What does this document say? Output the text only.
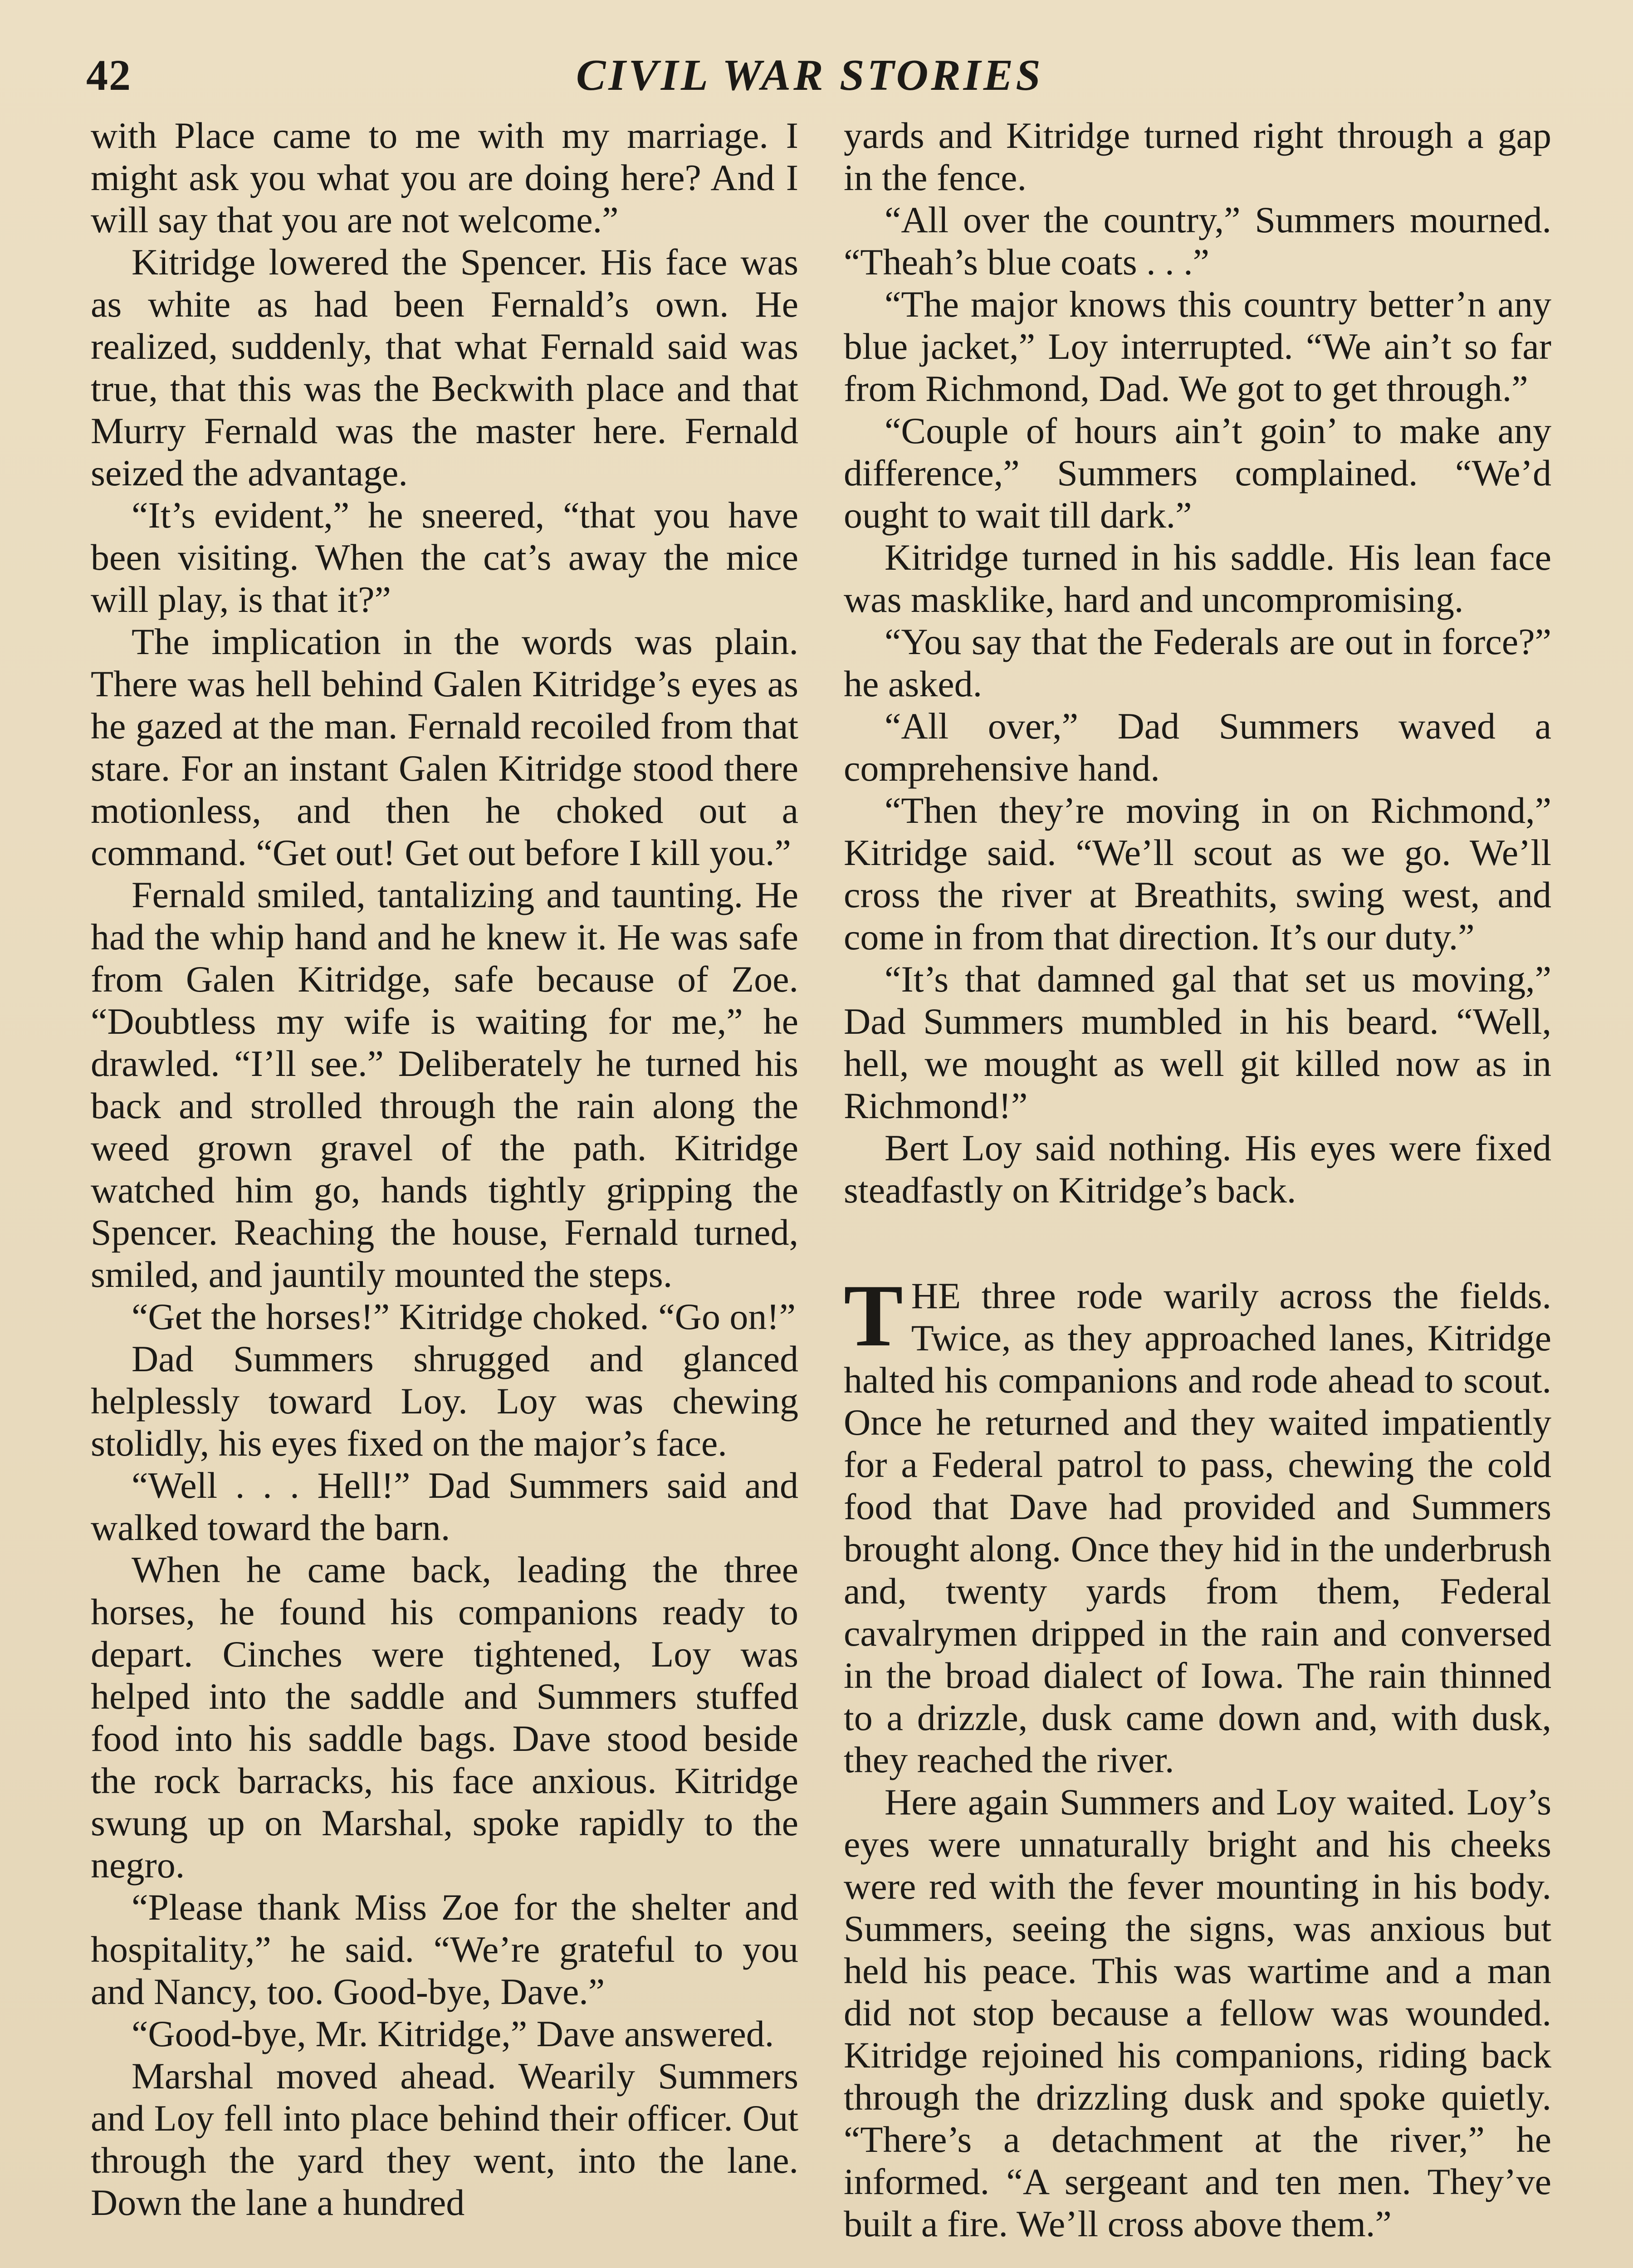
42	CIVIL WAR STORIES

with Place came to me with my marriage. I might ask you what you are doing here? And I will say that you are not welcome.”

Kitridge lowered the Spencer. His face was as white as had been Fernald’s own. He realized, suddenly, that what Fernald said was true, that this was the Beckwith place and that Murry Fernald was the master here. Fernald seized the advantage.

“It’s evident,” he sneered, “that you have been visiting. When the cat’s away the mice will play, is that it?”

The implication in the words was plain. There was hell behind Galen Kitridge’s eyes as he gazed at the man. Fernald recoiled from that stare. For an instant Galen Kitridge stood there motionless, and then he choked out a command. “Get out! Get out before I kill you.”

Fernald smiled, tantalizing and taunting. He had the whip hand and he knew it. He was safe from Galen Kitridge, safe because of Zoe. “Doubtless my wife is waiting for me,” he drawled. “I’ll see.” Deliberately he turned his back and strolled through the rain along the weed grown gravel of the path. Kitridge watched him go, hands tightly gripping the Spencer. Reaching the house, Fernald turned, smiled, and jauntily mounted the steps.

“Get the horses!” Kitridge choked. “Go on!”

Dad Summers shrugged and glanced helplessly toward Loy. Loy was chewing stolidly, his eyes fixed on the major’s face.

“Well . . . Hell!” Dad Summers said and walked toward the barn.

When he came back, leading the three horses, he found his companions ready to depart. Cinches were tightened, Loy was helped into the saddle and Summers stuffed food into his saddle bags. Dave stood beside the rock barracks, his face anxious. Kitridge swung up on Marshal, spoke rapidly to the negro.

“Please thank Miss Zoe for the shelter and hospitality,” he said. “We’re grateful to you and Nancy, too. Good-bye, Dave.”

“Good-bye, Mr. Kitridge,” Dave answered.

Marshal moved ahead. Wearily Summers and Loy fell into place behind their officer. Out through the yard they went, into the lane. Down the lane a hundred

yards and Kitridge turned right through a gap in the fence.

“All over the country,” Summers mourned. “Theah’s blue coats . . .”

“The major knows this country better’n any blue jacket,” Loy interrupted. “We ain’t so far from Richmond, Dad. We got to get through.”

“Couple of hours ain’t goin’ to make any difference,” Summers complained. “We’d ought to wait till dark.”

Kitridge turned in his saddle. His lean face was masklike, hard and uncompromising.

“You say that the Federals are out in force?” he asked.

“All over,” Dad Summers waved a comprehensive hand.

“Then they’re moving in on Richmond,” Kitridge said. “We’ll scout as we go. We’ll cross the river at Breathits, swing west, and come in from that direction. It’s our duty.”

“It’s that damned gal that set us moving,” Dad Summers mumbled in his beard. “Well, hell, we mought as well git killed now as in Richmond!”

Bert Loy said nothing. His eyes were fixed steadfastly on Kitridge’s back.

THE three rode warily across the fields. Twice, as they approached lanes, Kitridge halted his companions and rode ahead to scout. Once he returned and they waited impatiently for a Federal patrol to pass, chewing the cold food that Dave had provided and Summers brought along. Once they hid in the underbrush and, twenty yards from them, Federal cavalrymen dripped in the rain and conversed in the broad dialect of Iowa. The rain thinned to a drizzle, dusk came down and, with dusk, they reached the river.

Here again Summers and Loy waited. Loy’s eyes were unnaturally bright and his cheeks were red with the fever mounting in his body. Summers, seeing the signs, was anxious but held his peace. This was wartime and a man did not stop because a fellow was wounded. Kitridge rejoined his companions, riding back through the drizzling dusk and spoke quietly. “There’s a detachment at the river,” he informed. “A sergeant and ten men. They’ve built a fire. We’ll cross above them.”
